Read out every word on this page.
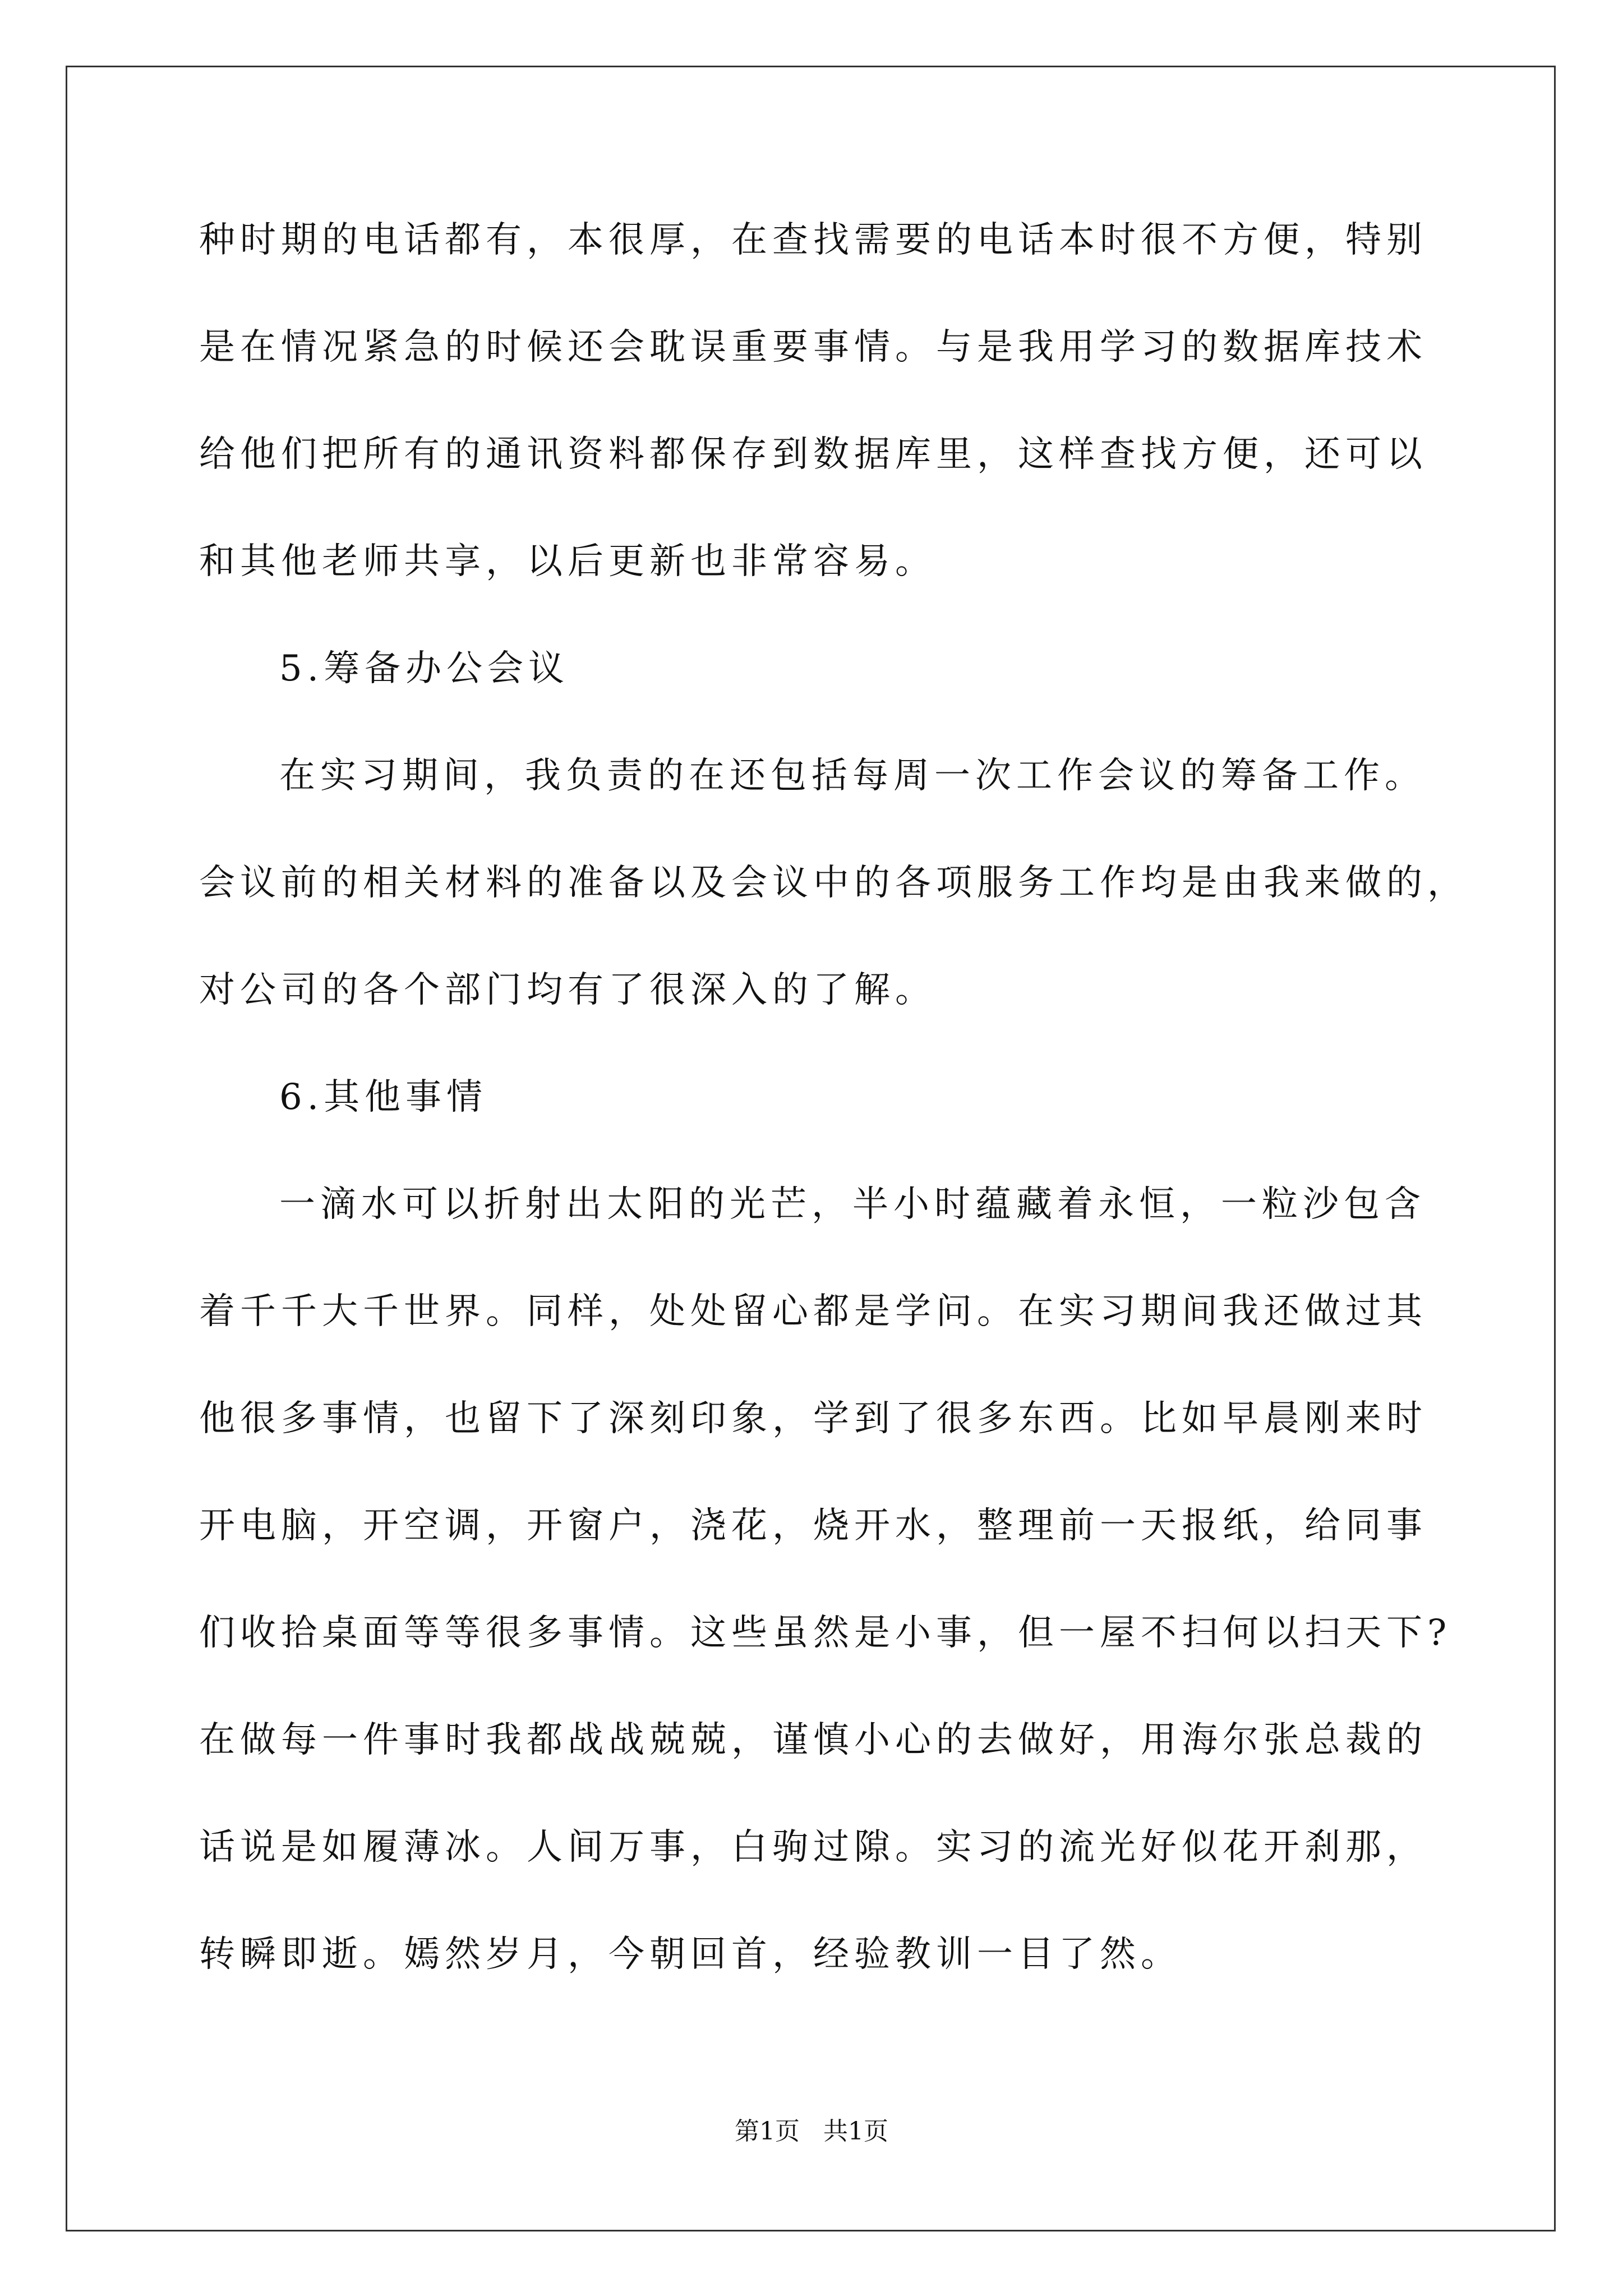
种时期的电话都有，本很厚，在查找需要的电话本时很不方便，特别
是在情况紧急的时候还会耽误重要事情。与是我用学习的数据库技术
给他们把所有的通讯资料都保存到数据库里，这样查找方便，还可以
和其他老师共享，以后更新也非常容易。
5.筹备办公会议
在实习期间，我负责的在还包括每周一次工作会议的筹备工作。
会议前的相关材料的准备以及会议中的各项服务工作均是由我来做的，
对公司的各个部门均有了很深入的了解。
6.其他事情
一滴水可以折射出太阳的光芒，半小时蕴藏着永恒，一粒沙包含
着千千大千世界。同样，处处留心都是学问。在实习期间我还做过其
他很多事情，也留下了深刻印象，学到了很多东西。比如早晨刚来时
开电脑，开空调，开窗户，浇花，烧开水，整理前一天报纸，给同事
们收拾桌面等等很多事情。这些虽然是小事，但一屋不扫何以扫天下?
在做每一件事时我都战战兢兢，谨慎小心的去做好，用海尔张总裁的
话说是如履薄冰。人间万事，白驹过隙。实习的流光好似花开刹那，
转瞬即逝。嫣然岁月，今朝回首，经验教训一目了然。
第1页 共1页
